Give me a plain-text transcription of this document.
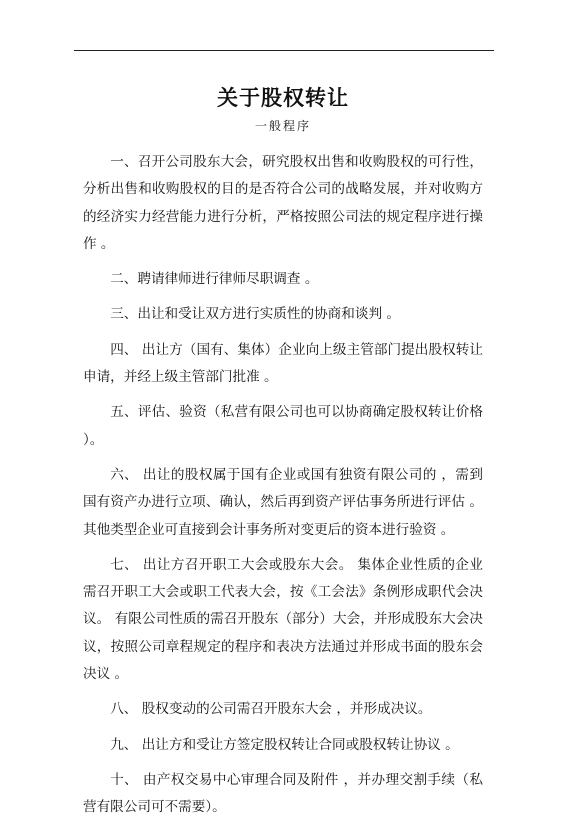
关于股权转让
一般程序

一、召开公司股东大会，研究股权出售和收购股权的可行性，分析出售和收购股权的目的是否符合公司的战略发展，并对收购方的经济实力经营能力进行分析，严格按照公司法的规定程序进行操作 。

二、聘请律师进行律师尽职调查 。

三、出让和受让双方进行实质性的协商和谈判 。

四、 出让方（国有、集体）企业向上级主管部门提出股权转让申请，并经上级主管部门批准 。

五、评估、验资（私营有限公司也可以协商确定股权转让价格 ）。

六、 出让的股权属于国有企业或国有独资有限公司的 ，需到国有资产办进行立项、确认，然后再到资产评估事务所进行评估 。 其他类型企业可直接到会计事务所对变更后的资本进行验资 。

七、 出让方召开职工大会或股东大会。 集体企业性质的企业需召开职工大会或职工代表大会，按《工会法》条例形成职代会决议。 有限公司性质的需召开股东（部分）大会，并形成股东大会决议，按照公司章程规定的程序和表决方法通过并形成书面的股东会决议 。

八、 股权变动的公司需召开股东大会 ，并形成决议。

九、 出让方和受让方签定股权转让合同或股权转让协议 。

十、 由产权交易中心审理合同及附件 ，并办理交割手续（私营有限公司可不需要）。
